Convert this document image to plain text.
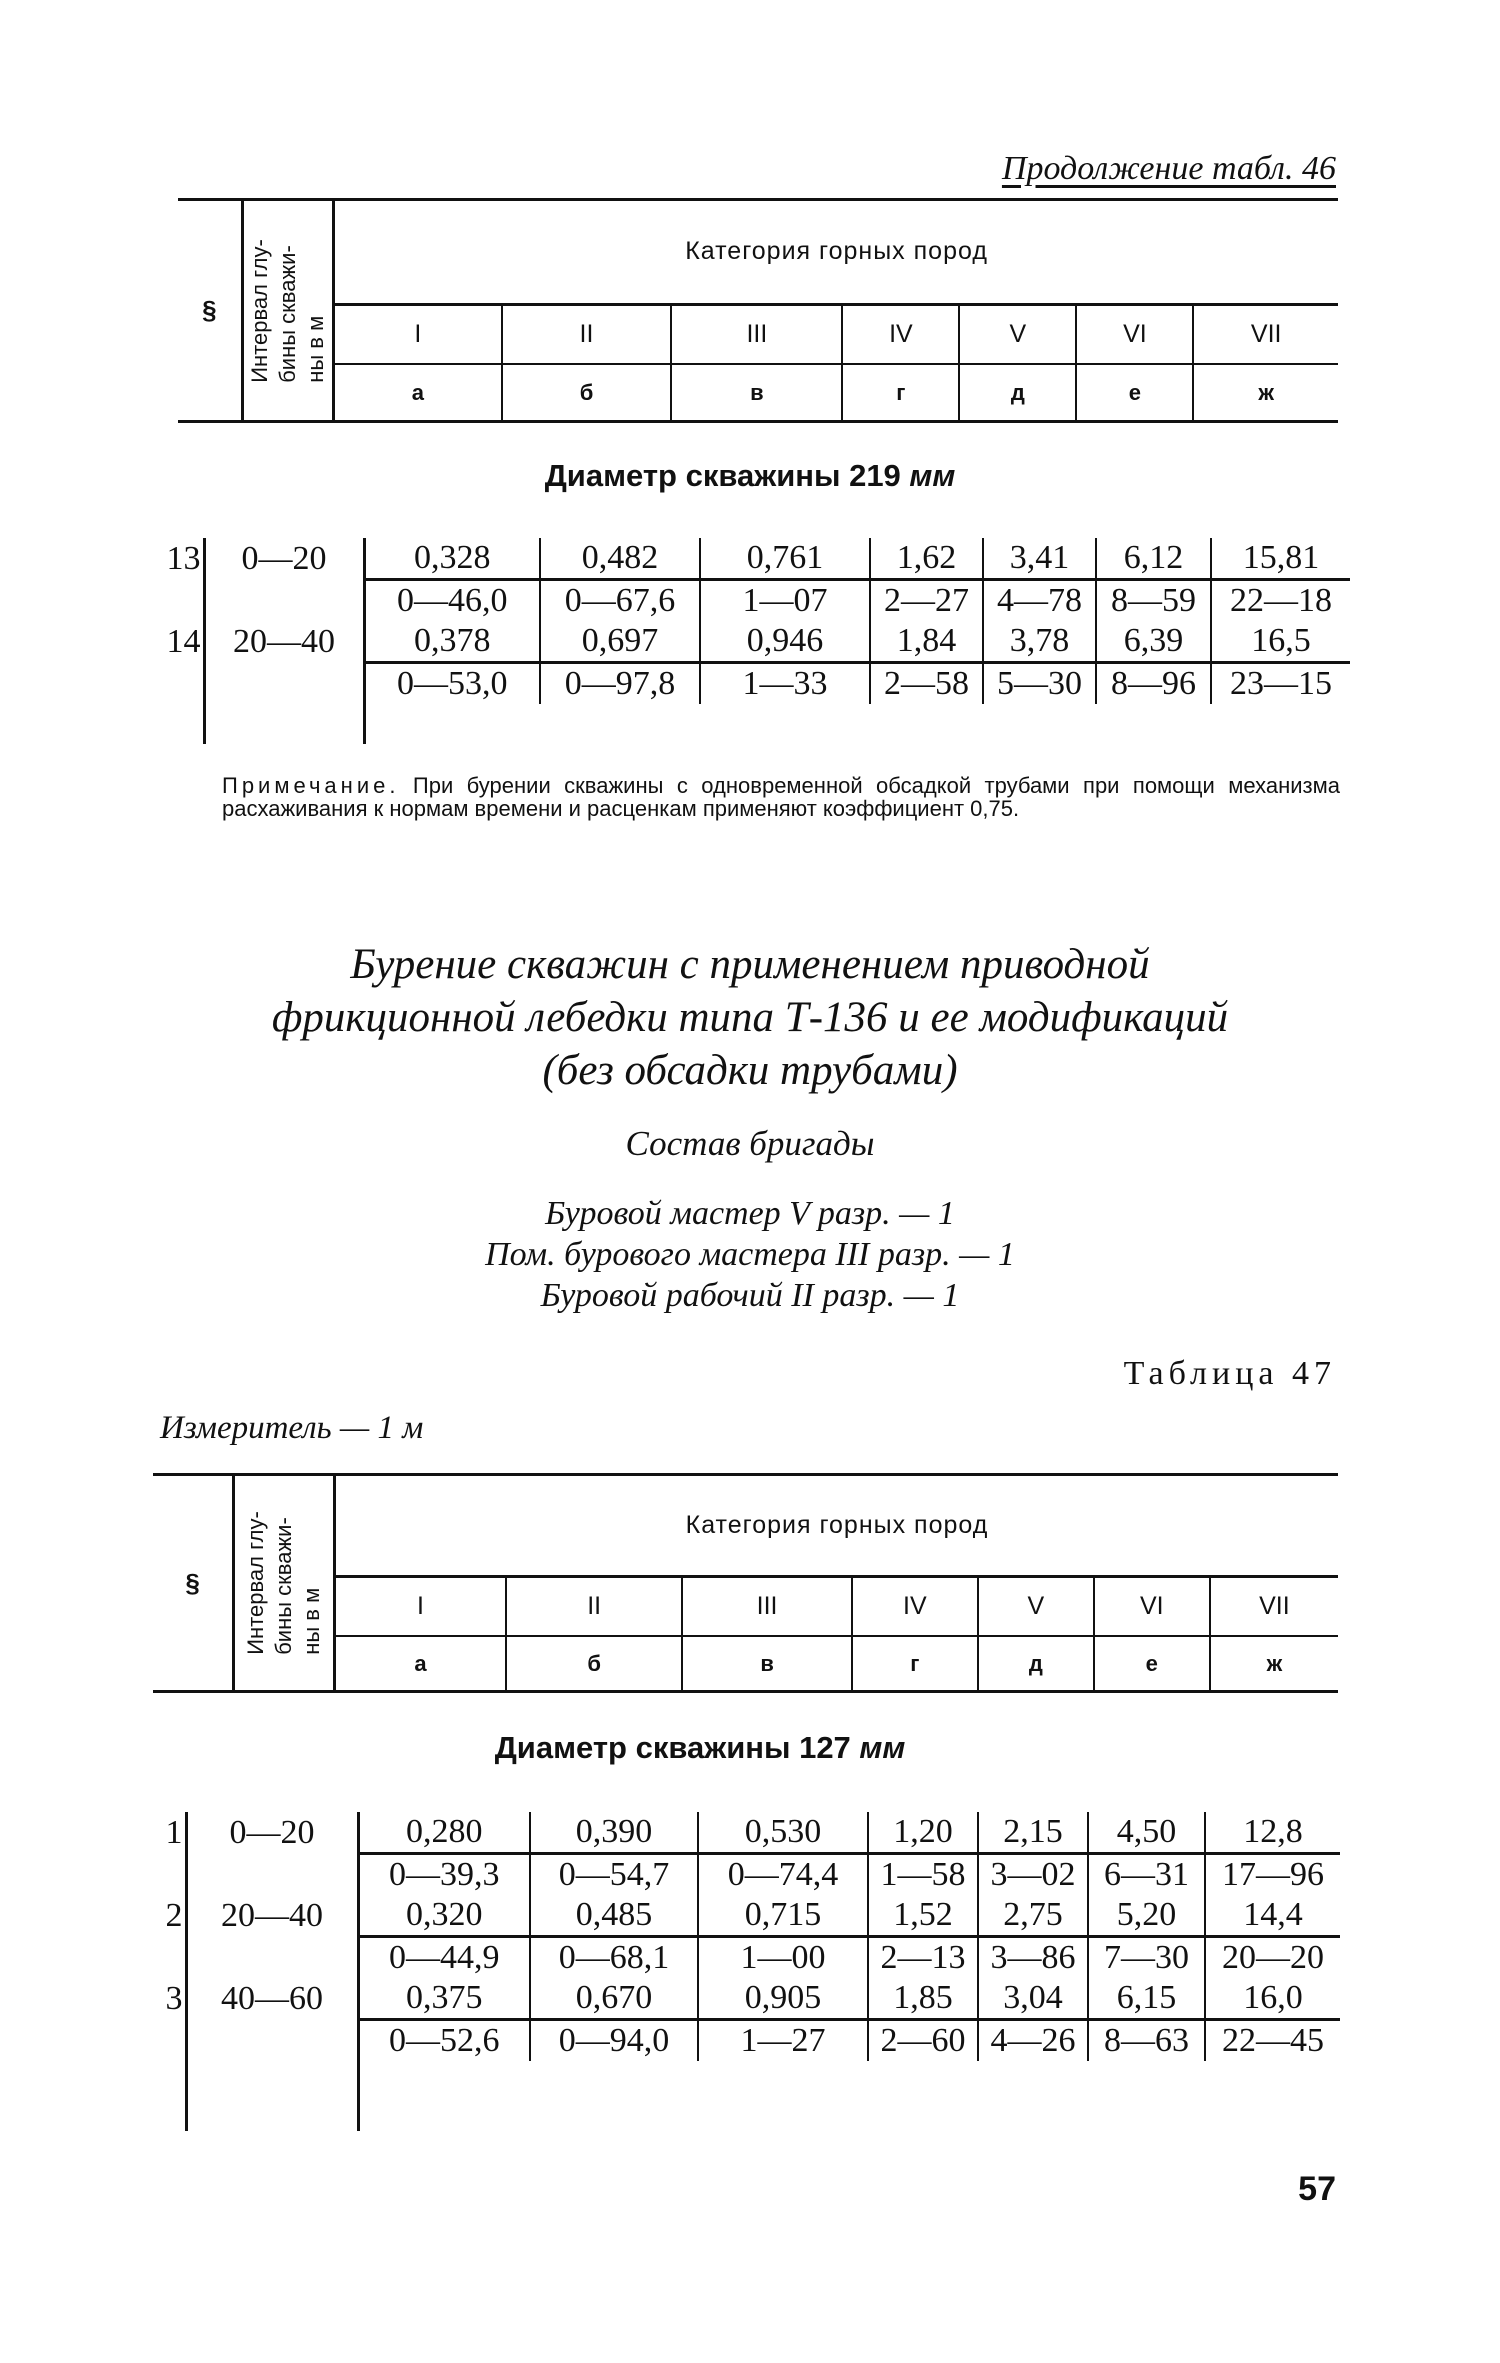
Продолжение табл. 46
§	Интервал глу- бины скважи- ны в м	Категория горных пород						
		I	II	III	IV	V	VI	VII
		а	б	в	г	д	е	ж
Диаметр скважины 219 мм
13	0—20	0,328	0,482	0,761	1,62	3,41	6,12	15,81
		0—46,0	0—67,6	1—07	2—27	4—78	8—59	22—18
14	20—40	0,378	0,697	0,946	1,84	3,78	6,39	16,5
		0—53,0	0—97,8	1—33	2—58	5—30	8—96	23—15

Примечание. При бурении скважины с одновременной обсадкой трубами при помощи механизма расхаживания к нормам времени и расценкам применяют коэффициент 0,75.
Бурение скважин с применением приводной
фрикционной лебедки типа Т-136 и ее модификаций
(без обсадки трубами)
Состав бригады
Буровой мастер V разр. — 1
Пом. бурового мастера III разр. — 1
Буровой рабочий II разр. — 1
Таблица 47
Измеритель — 1 м
§	Интервал глу- бины скважи- ны в м	Категория горных пород						
		I	II	III	IV	V	VI	VII
		а	б	в	г	д	е	ж
Диаметр скважины 127 мм
1	0—20	0,280	0,390	0,530	1,20	2,15	4,50	12,8
		0—39,3	0—54,7	0—74,4	1—58	3—02	6—31	17—96
2	20—40	0,320	0,485	0,715	1,52	2,75	5,20	14,4
		0—44,9	0—68,1	1—00	2—13	3—86	7—30	20—20
3	40—60	0,375	0,670	0,905	1,85	3,04	6,15	16,0
		0—52,6	0—94,0	1—27	2—60	4—26	8—63	22—45

57
